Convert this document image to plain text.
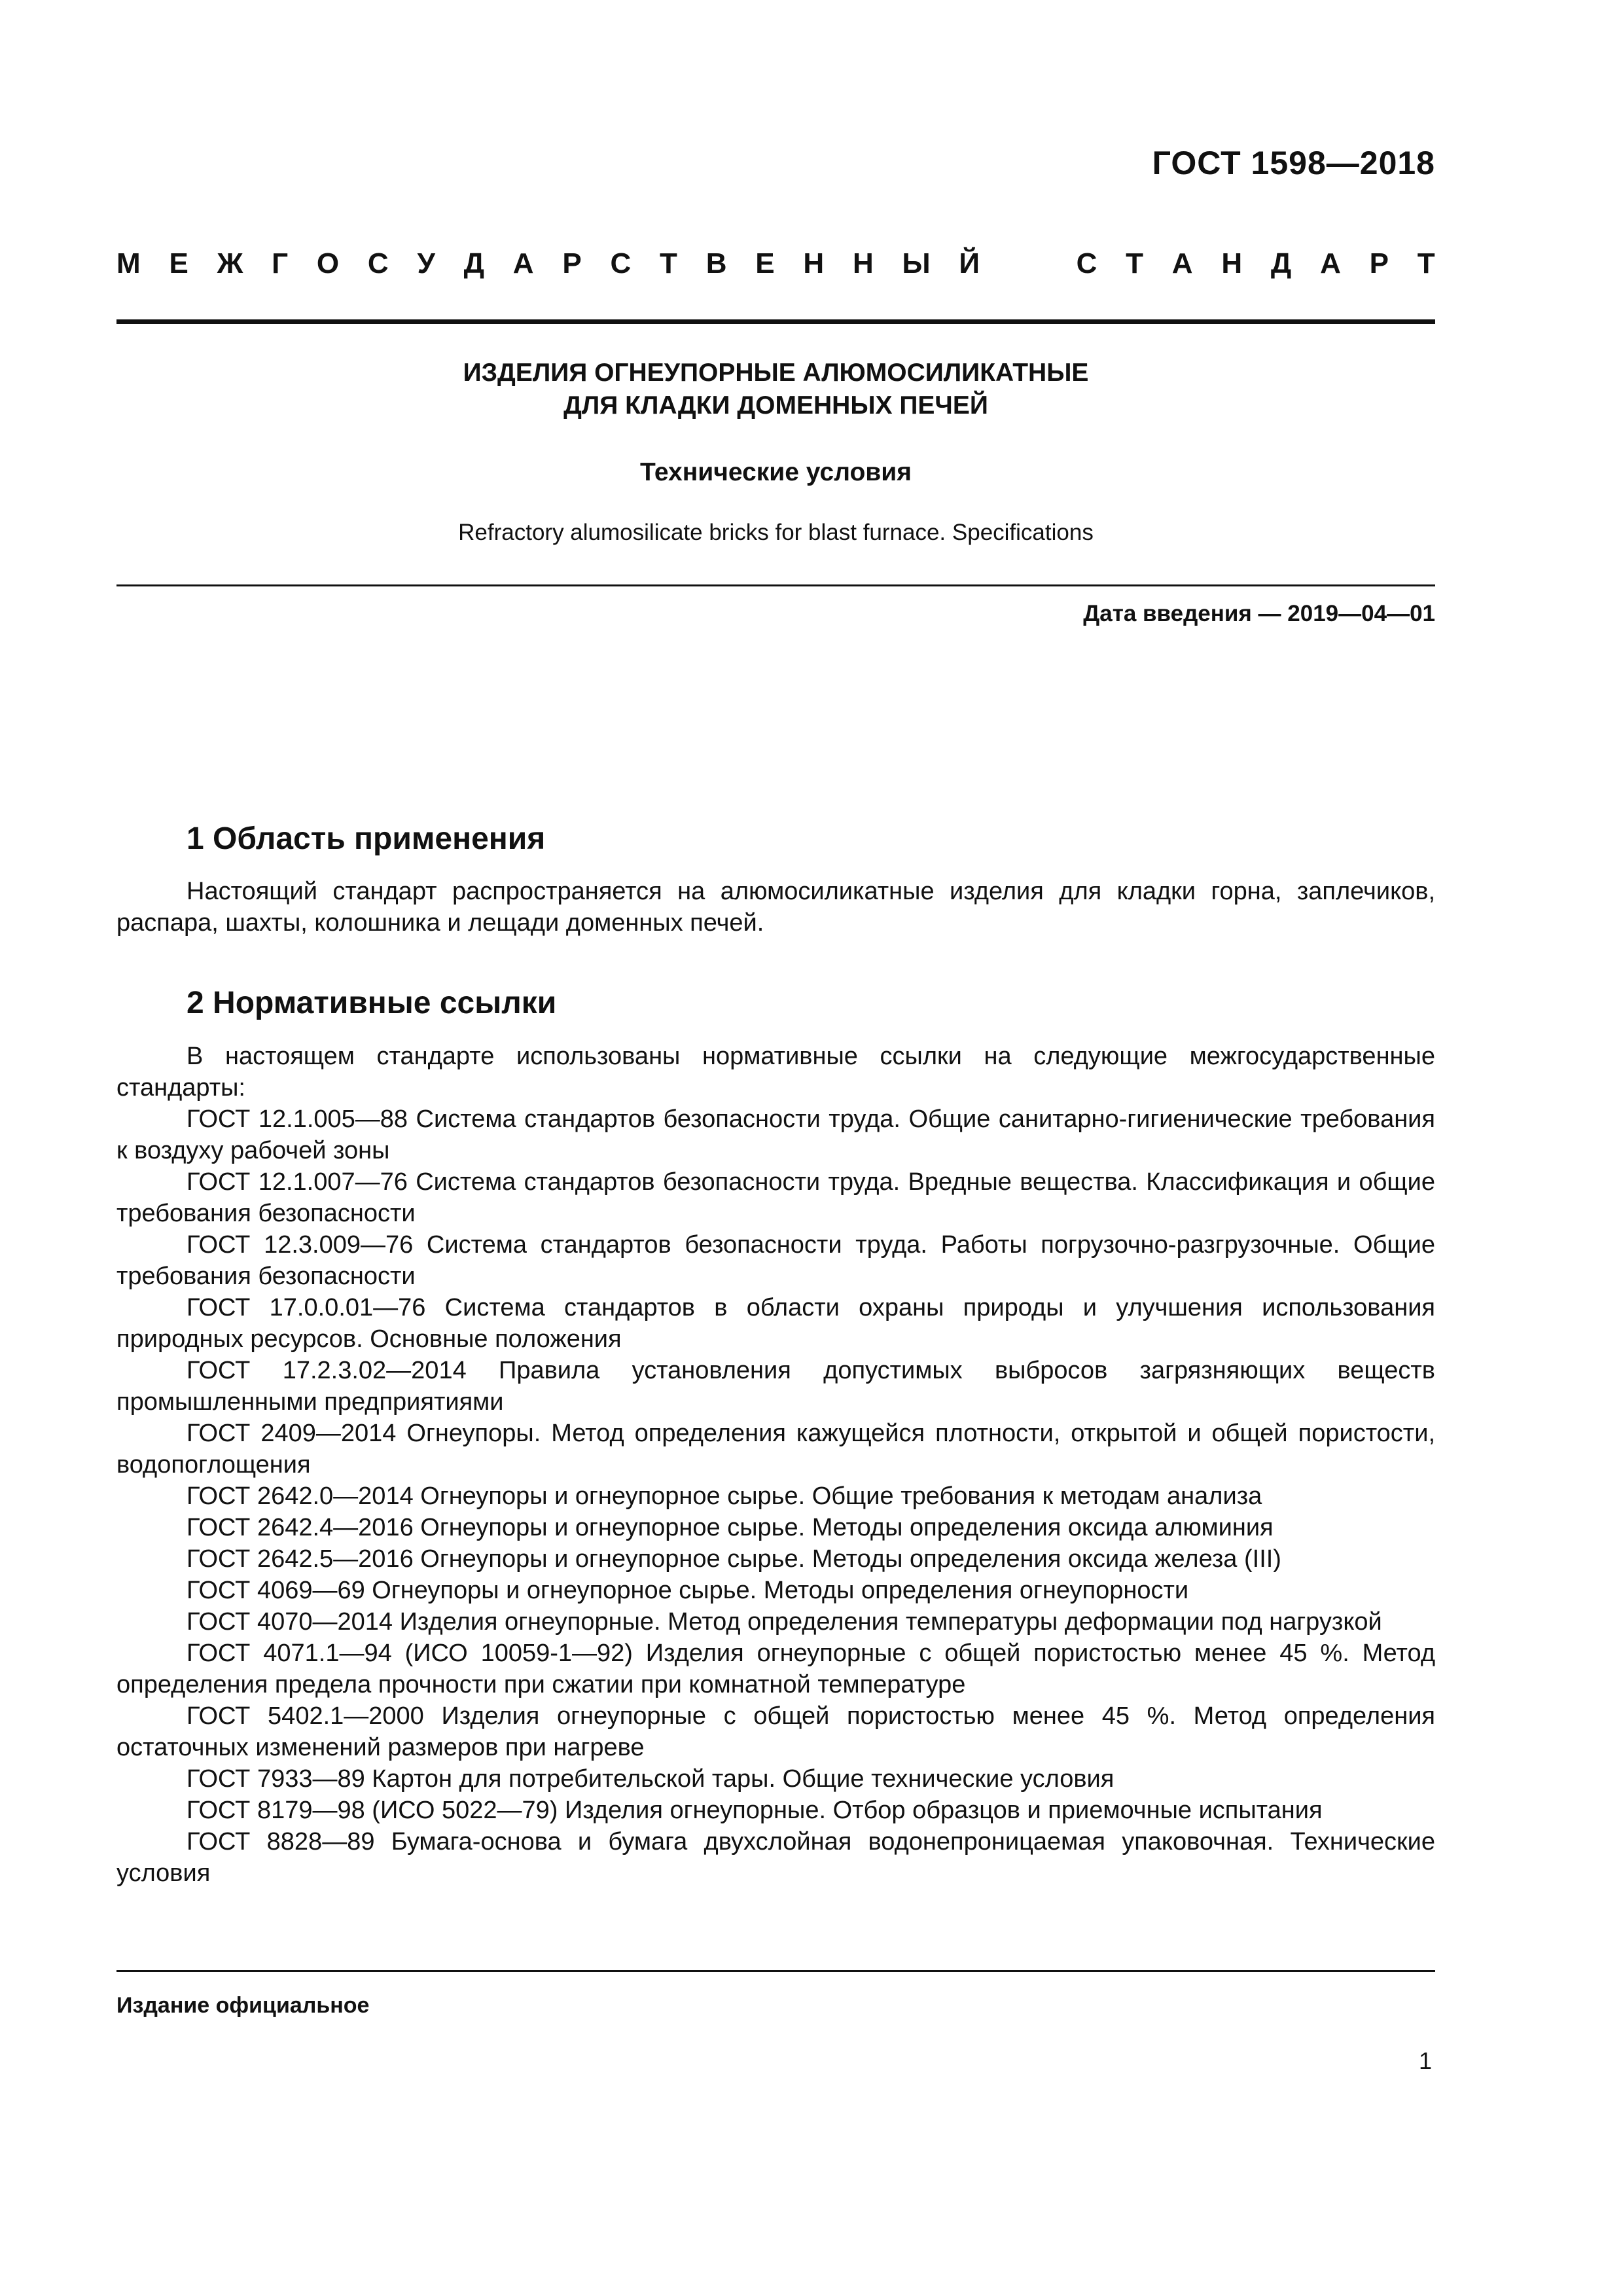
ГОСТ 1598—2018
М Е Ж Г О С У Д А Р С Т В Е Н Н Ы Й	С Т А Н Д А Р Т
ИЗДЕЛИЯ ОГНЕУПОРНЫЕ АЛЮМОСИЛИКАТНЫЕ
ДЛЯ КЛАДКИ ДОМЕННЫХ ПЕЧЕЙ
Технические условия
Refractory alumosilicate bricks for blast furnace. Specifications
Дата введения — 2019—04—01
1 Область применения

Настоящий стандарт распространяется на алюмосиликатные изделия для кладки горна, заплечиков, распара, шахты, колошника и лещади доменных печей.

2 Нормативные ссылки

В настоящем стандарте использованы нормативные ссылки на следующие межгосударственные стандарты:

ГОСТ 12.1.005—88 Система стандартов безопасности труда. Общие санитарно-гигиенические требования к воздуху рабочей зоны
ГОСТ 12.1.007—76 Система стандартов безопасности труда. Вредные вещества. Классификация и общие требования безопасности
ГОСТ 12.3.009—76 Система стандартов безопасности труда. Работы погрузочно-разгрузочные. Общие требования безопасности
ГОСТ 17.0.0.01—76 Система стандартов в области охраны природы и улучшения использования природных ресурсов. Основные положения
ГОСТ 17.2.3.02—2014 Правила установления допустимых выбросов загрязняющих веществ промышленными предприятиями
ГОСТ 2409—2014 Огнеупоры. Метод определения кажущейся плотности, открытой и общей пористости, водопоглощения
ГОСТ 2642.0—2014 Огнеупоры и огнеупорное сырье. Общие требования к методам анализа
ГОСТ 2642.4—2016 Огнеупоры и огнеупорное сырье. Методы определения оксида алюминия
ГОСТ 2642.5—2016 Огнеупоры и огнеупорное сырье. Методы определения оксида железа (III)
ГОСТ 4069—69 Огнеупоры и огнеупорное сырье. Методы определения огнеупорности
ГОСТ 4070—2014 Изделия огнеупорные. Метод определения температуры деформации под нагрузкой
ГОСТ 4071.1—94 (ИСО 10059-1—92) Изделия огнеупорные с общей пористостью менее 45 %. Метод определения предела прочности при сжатии при комнатной температуре
ГОСТ 5402.1—2000 Изделия огнеупорные с общей пористостью менее 45 %. Метод определения остаточных изменений размеров при нагреве
ГОСТ 7933—89 Картон для потребительской тары. Общие технические условия
ГОСТ 8179—98 (ИСО 5022—79) Изделия огнеупорные. Отбор образцов и приемочные испытания
ГОСТ 8828—89 Бумага-основа и бумага двухслойная водонепроницаемая упаковочная. Технические условия
Издание официальное
1
